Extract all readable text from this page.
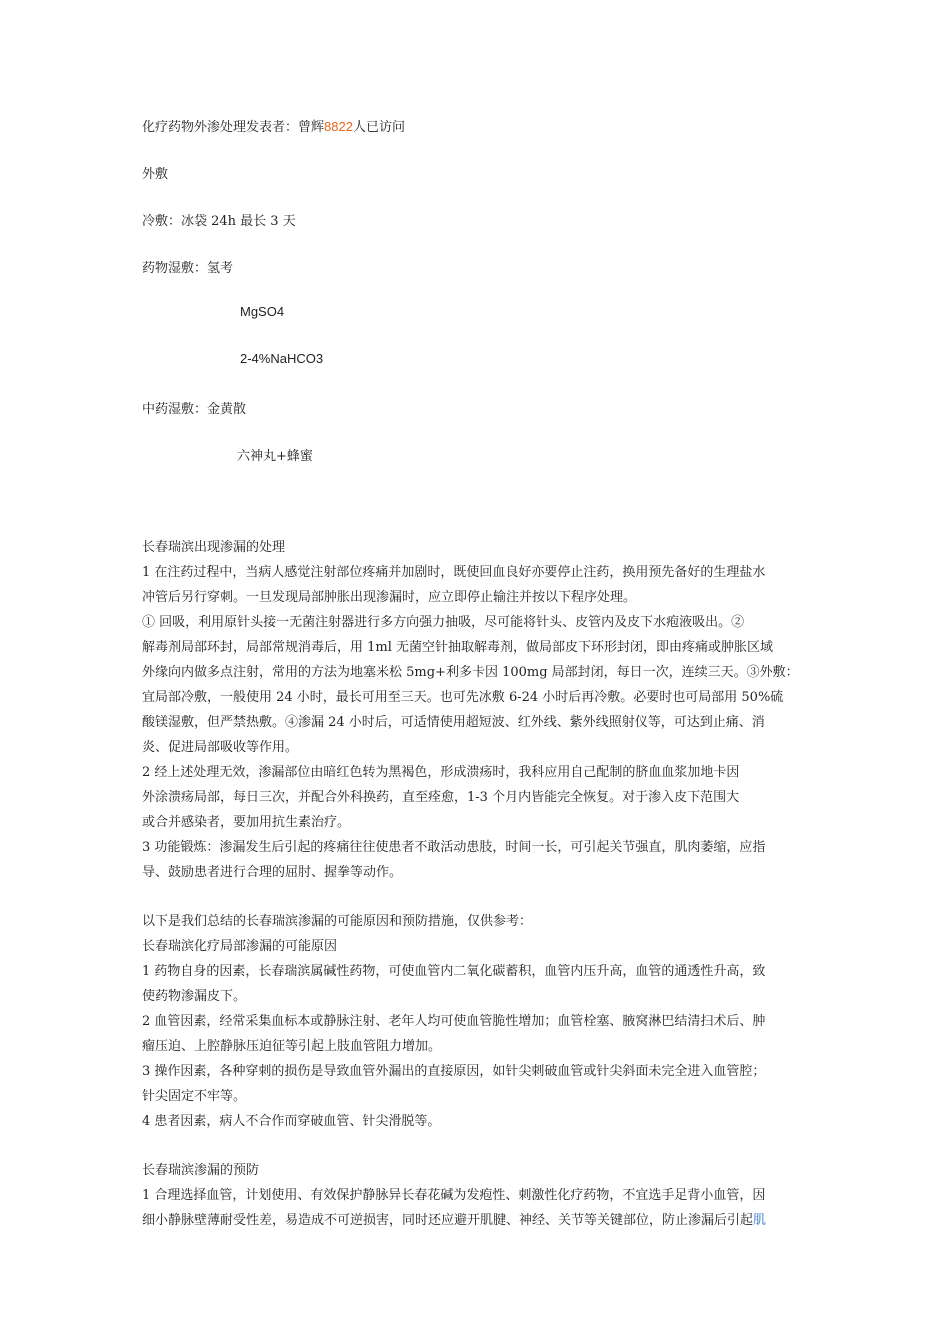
化疗药物外渗处理发表者：曾辉8822人已访问
外敷
冷敷：冰袋 24h 最长 3 天
药物湿敷：氢考
MgSO4
2-4%NaHCO3
中药湿敷：金黄散
六神丸+蜂蜜
长春瑞滨出现渗漏的处理
1 在注药过程中，当病人感觉注射部位疼痛并加剧时，既使回血良好亦要停止注药，换用预先备好的生理盐水
冲管后另行穿刺。一旦发现局部肿胀出现渗漏时，应立即停止输注并按以下程序处理。
① 回吸，利用原针头接一无菌注射器进行多方向强力抽吸，尽可能将针头、皮管内及皮下水疱液吸出。②
解毒剂局部环封，局部常规消毒后，用 1ml 无菌空针抽取解毒剂，做局部皮下环形封闭，即由疼痛或肿胀区域
外缘向内做多点注射，常用的方法为地塞米松 5mg+利多卡因 100mg 局部封闭，每日一次，连续三天。③外敷：
宜局部冷敷，一般使用 24 小时，最长可用至三天。也可先冰敷 6-24 小时后再冷敷。必要时也可局部用 50%硫
酸镁湿敷，但严禁热敷。④渗漏 24 小时后，可适情使用超短波、红外线、紫外线照射仪等，可达到止痛、消
炎、促进局部吸收等作用。
2 经上述处理无效，渗漏部位由暗红色转为黑褐色，形成溃疡时，我科应用自己配制的脐血血浆加地卡因
外涂溃疡局部，每日三次，并配合外科换药，直至痊愈，1-3 个月内皆能完全恢复。对于渗入皮下范围大
或合并感染者，要加用抗生素治疗。
3 功能锻炼：渗漏发生后引起的疼痛往往使患者不敢活动患肢，时间一长，可引起关节强直，肌肉萎缩，应指
导、鼓励患者进行合理的屈肘、握拳等动作。
以下是我们总结的长春瑞滨渗漏的可能原因和预防措施，仅供参考：
长春瑞滨化疗局部渗漏的可能原因
1 药物自身的因素，长春瑞滨属碱性药物，可使血管内二氧化碳蓄积，血管内压升高，血管的通透性升高，致
使药物渗漏皮下。
2 血管因素，经常采集血标本或静脉注射、老年人均可使血管脆性增加；血管栓塞、腋窝淋巴结清扫术后、肿
瘤压迫、上腔静脉压迫征等引起上肢血管阻力增加。
3 操作因素，各种穿刺的损伤是导致血管外漏出的直接原因，如针尖刺破血管或针尖斜面未完全进入血管腔；
针尖固定不牢等。
4 患者因素，病人不合作而穿破血管、针尖滑脱等。
长春瑞滨渗漏的预防
1 合理选择血管，计划使用、有效保护静脉异长春花碱为发疱性、刺激性化疗药物，不宜选手足背小血管，因
细小静脉壁薄耐受性差，易造成不可逆损害，同时还应避开肌腱、神经、关节等关键部位，防止渗漏后引起肌
